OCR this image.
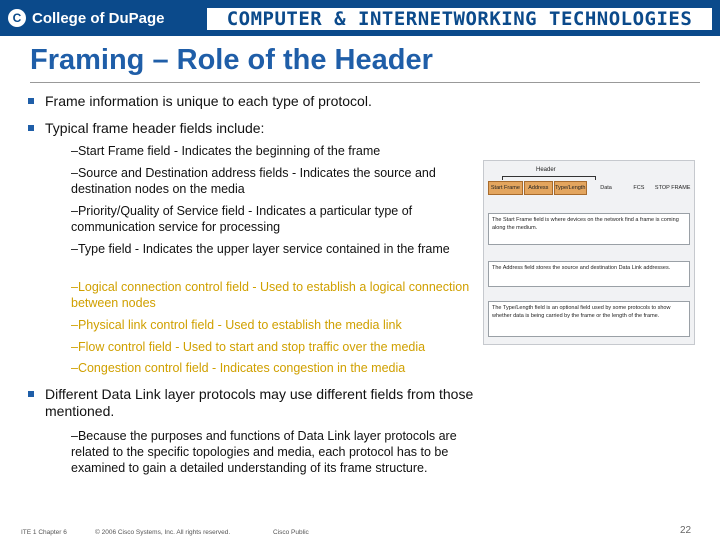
C College of DuPage	COMPUTER & INTERNETWORKING TECHNOLOGIES
Framing – Role of the Header
Frame information is unique to each type of protocol.
Typical frame header fields include:
–Start Frame field - Indicates the beginning of the frame
–Source and Destination address fields - Indicates the source and destination nodes on the media
–Priority/Quality of Service field - Indicates a particular type of communication service for processing
–Type field - Indicates the upper layer service contained in the frame
–Logical connection control field - Used to establish a logical connection between nodes
–Physical link control field - Used to establish the media link
–Flow control field - Used to start and stop traffic over the media
–Congestion control field - Indicates congestion in the media
Different Data Link layer protocols may use different fields from those mentioned.
–Because the purposes and functions of Data Link layer protocols are related to the specific topologies and media, each protocol has to be examined to gain a detailed understanding of its frame structure.
Header
Start Frame	Address	Type/Length	Data	FCS	STOP FRAME
The Start Frame field is where devices on the network find a frame is coming along the medium.
The Address field stores the source and destination Data Link addresses.
The Type/Length field is an optional field used by some protocols to show whether data is being carried by the frame or the length of the frame.
ITE 1 Chapter 6	© 2006 Cisco Systems, Inc. All rights reserved.	Cisco Public	22
